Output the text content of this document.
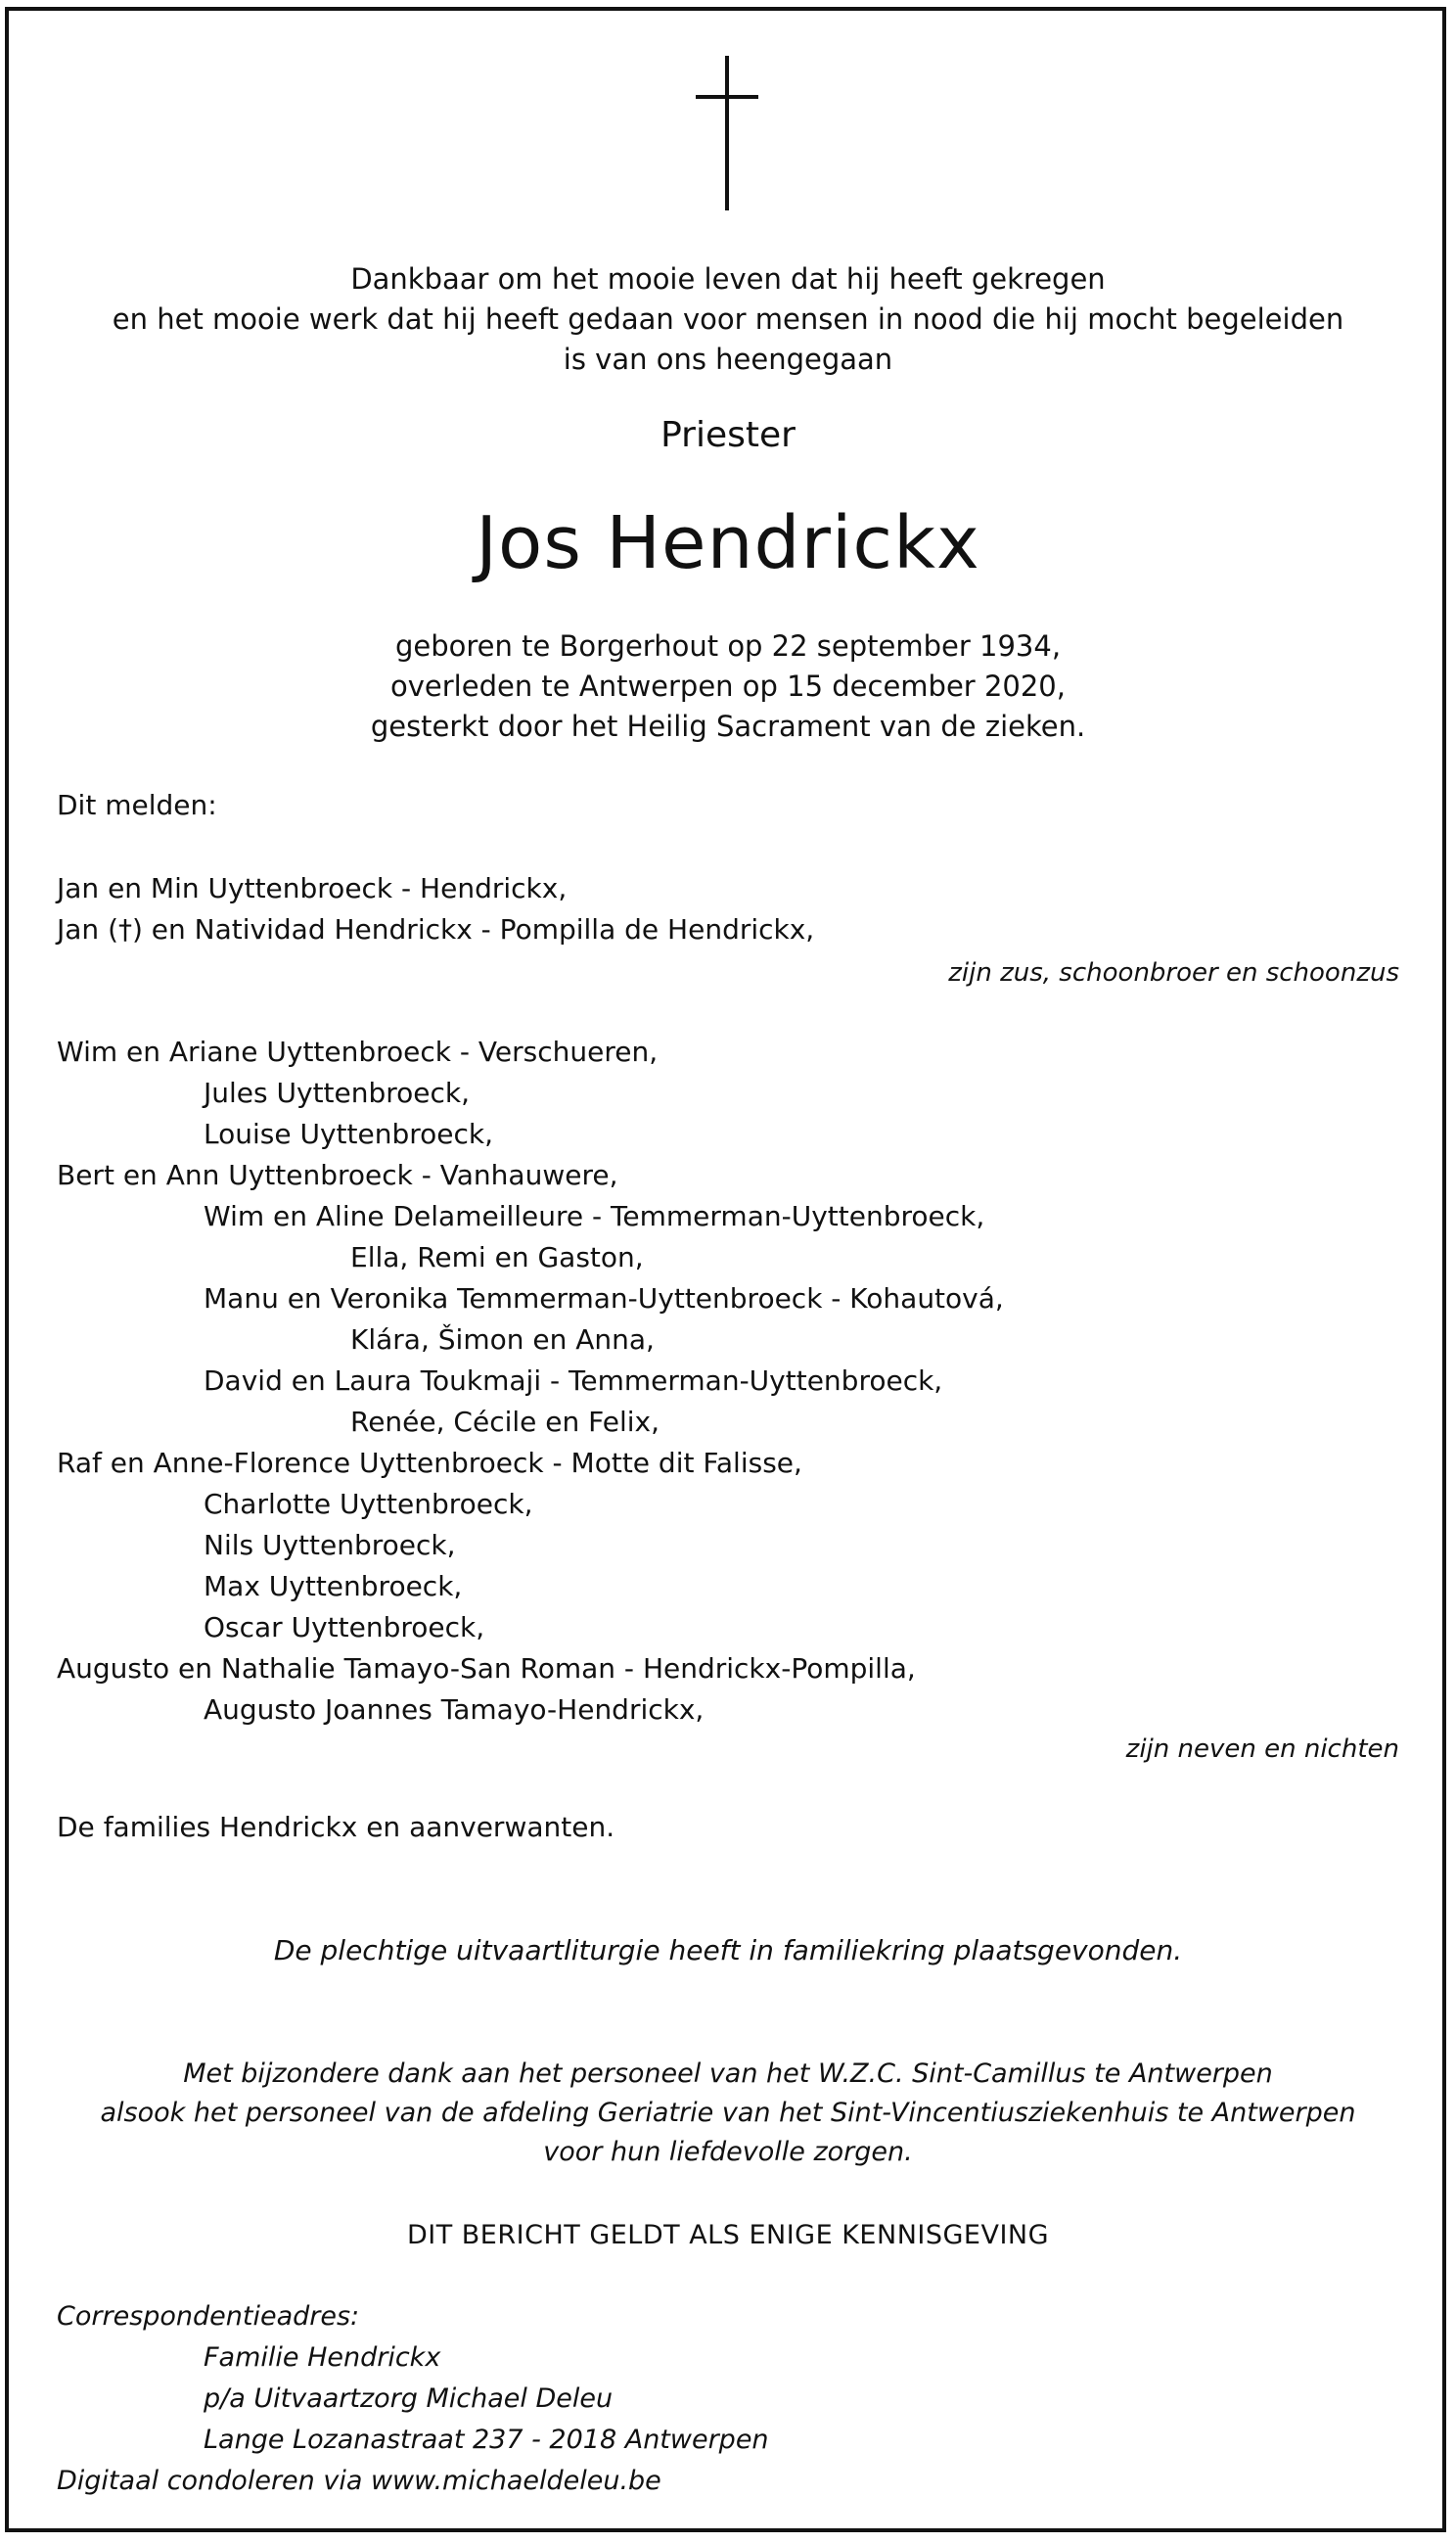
Dankbaar om het mooie leven dat hij heeft gekregen
en het mooie werk dat hij heeft gedaan voor mensen in nood die hij mocht begeleiden
is van ons heengegaan
Priester
Jos Hendrickx
geboren te Borgerhout op 22 september 1934,
overleden te Antwerpen op 15 december 2020,
gesterkt door het Heilig Sacrament van de zieken.
Dit melden:
Jan en Min Uyttenbroeck - Hendrickx,
Jan (†) en Natividad Hendrickx - Pompilla de Hendrickx,
zijn zus, schoonbroer en schoonzus
Wim en Ariane Uyttenbroeck - Verschueren,
Jules Uyttenbroeck,
Louise Uyttenbroeck,
Bert en Ann Uyttenbroeck - Vanhauwere,
Wim en Aline Delameilleure - Temmerman-Uyttenbroeck,
Ella, Remi en Gaston,
Manu en Veronika Temmerman-Uyttenbroeck - Kohautová,
Klára, Šimon en Anna,
David en Laura Toukmaji - Temmerman-Uyttenbroeck,
Renée, Cécile en Felix,
Raf en Anne-Florence Uyttenbroeck - Motte dit Falisse,
Charlotte Uyttenbroeck,
Nils Uyttenbroeck,
Max Uyttenbroeck,
Oscar Uyttenbroeck,
Augusto en Nathalie Tamayo-San Roman - Hendrickx-Pompilla,
Augusto Joannes Tamayo-Hendrickx,
zijn neven en nichten
De families Hendrickx en aanverwanten.
De plechtige uitvaartliturgie heeft in familiekring plaatsgevonden.
Met bijzondere dank aan het personeel van het W.Z.C. Sint-Camillus te Antwerpen
alsook het personeel van de afdeling Geriatrie van het Sint-Vincentiusziekenhuis te Antwerpen
voor hun liefdevolle zorgen.
DIT BERICHT GELDT ALS ENIGE KENNISGEVING
Correspondentieadres:
Familie Hendrickx
p/a Uitvaartzorg Michael Deleu
Lange Lozanastraat 237 - 2018 Antwerpen
Digitaal condoleren via www.michaeldeleu.be
